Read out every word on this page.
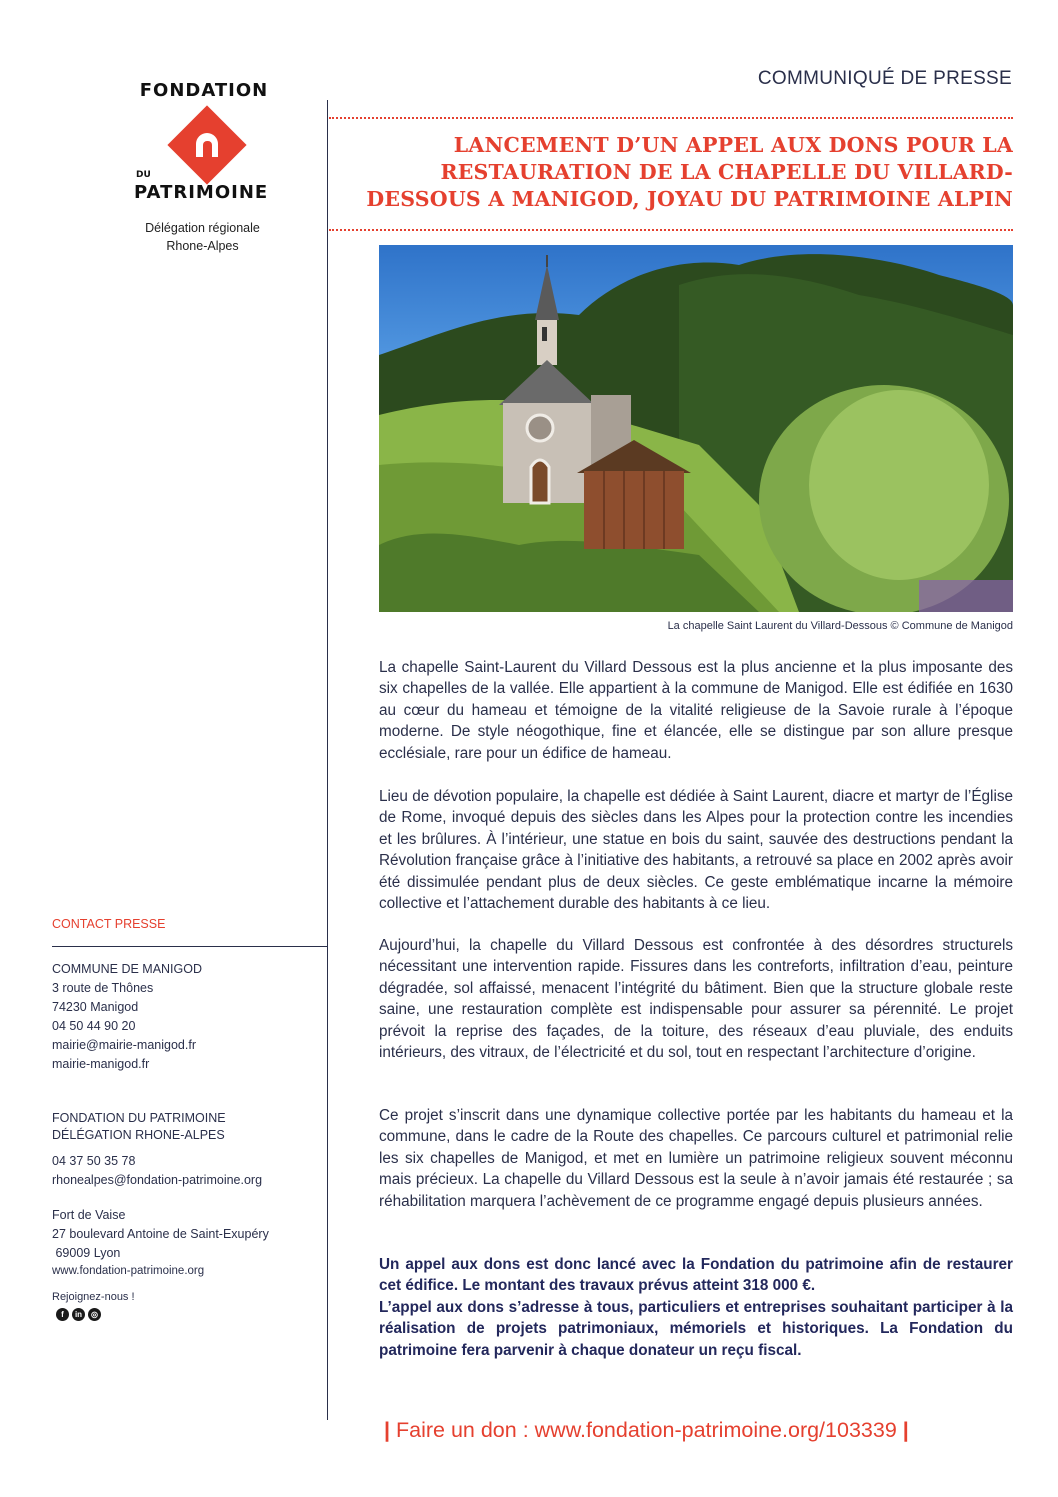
FONDATION
DU
PATRIMOINE
Délégation régionale
Rhone-Alpes
CONTACT PRESSE
COMMUNE DE MANIGOD
3 route de Thônes
74230 Manigod
04 50 44 90 20
mairie@mairie-manigod.fr
mairie-manigod.fr
FONDATION DU PATRIMOINE
DÉLÉGATION RHONE-ALPES
04 37 50 35 78
rhonealpes@fondation-patrimoine.org
Fort de Vaise
27 boulevard Antoine de Saint-Exupéry
69009 Lyon
www.fondation-patrimoine.org
Rejoignez-nous !
f	in	◎
COMMUNIQUÉ DE PRESSE
LANCEMENT D’UN APPEL AUX DONS POUR LA
RESTAURATION DE LA CHAPELLE DU VILLARD-
DESSOUS A MANIGOD, JOYAU DU PATRIMOINE ALPIN
La chapelle Saint Laurent du Villard-Dessous © Commune de Manigod
La chapelle Saint-Laurent du Villard Dessous est la plus ancienne et la plus imposante des six chapelles de la vallée. Elle appartient à la commune de Manigod. Elle est édifiée en 1630 au cœur du hameau et témoigne de la vitalité religieuse de la Savoie rurale à l’époque moderne. De style néogothique, fine et élancée, elle se distingue par son allure presque ecclésiale, rare pour un édifice de hameau.
Lieu de dévotion populaire, la chapelle est dédiée à Saint Laurent, diacre et martyr de l’Église de Rome, invoqué depuis des siècles dans les Alpes pour la protection contre les incendies et les brûlures. À l’intérieur, une statue en bois du saint, sauvée des destructions pendant la Révolution française grâce à l’initiative des habitants, a retrouvé sa place en 2002 après avoir été dissimulée pendant plus de deux siècles. Ce geste emblématique incarne la mémoire collective et l’attachement durable des habitants à ce lieu.
Aujourd’hui, la chapelle du Villard Dessous est confrontée à des désordres structurels nécessitant une intervention rapide. Fissures dans les contreforts, infiltration d’eau, peinture dégradée, sol affaissé, menacent l’intégrité du bâtiment. Bien que la structure globale reste saine, une restauration complète est indispensable pour assurer sa pérennité. Le projet prévoit la reprise des façades, de la toiture, des réseaux d’eau pluviale, des enduits intérieurs, des vitraux, de l’électricité et du sol, tout en respectant l’architecture d’origine.
Ce projet s’inscrit dans une dynamique collective portée par les habitants du hameau et la commune, dans le cadre de la Route des chapelles. Ce parcours culturel et patrimonial relie les six chapelles de Manigod, et met en lumière un patrimoine religieux souvent méconnu mais précieux. La chapelle du Villard Dessous est la seule à n’avoir jamais été restaurée ; sa réhabilitation marquera l’achèvement de ce programme engagé depuis plusieurs années.
Un appel aux dons est donc lancé avec la Fondation du patrimoine afin de restaurer cet édifice. Le montant des travaux prévus atteint 318 000 €.
L’appel aux dons s’adresse à tous, particuliers et entreprises souhaitant participer à la réalisation de projets patrimoniaux, mémoriels et historiques. La Fondation du patrimoine fera parvenir à chaque donateur un reçu fiscal.
| Faire un don : www.fondation-patrimoine.org/103339 |
